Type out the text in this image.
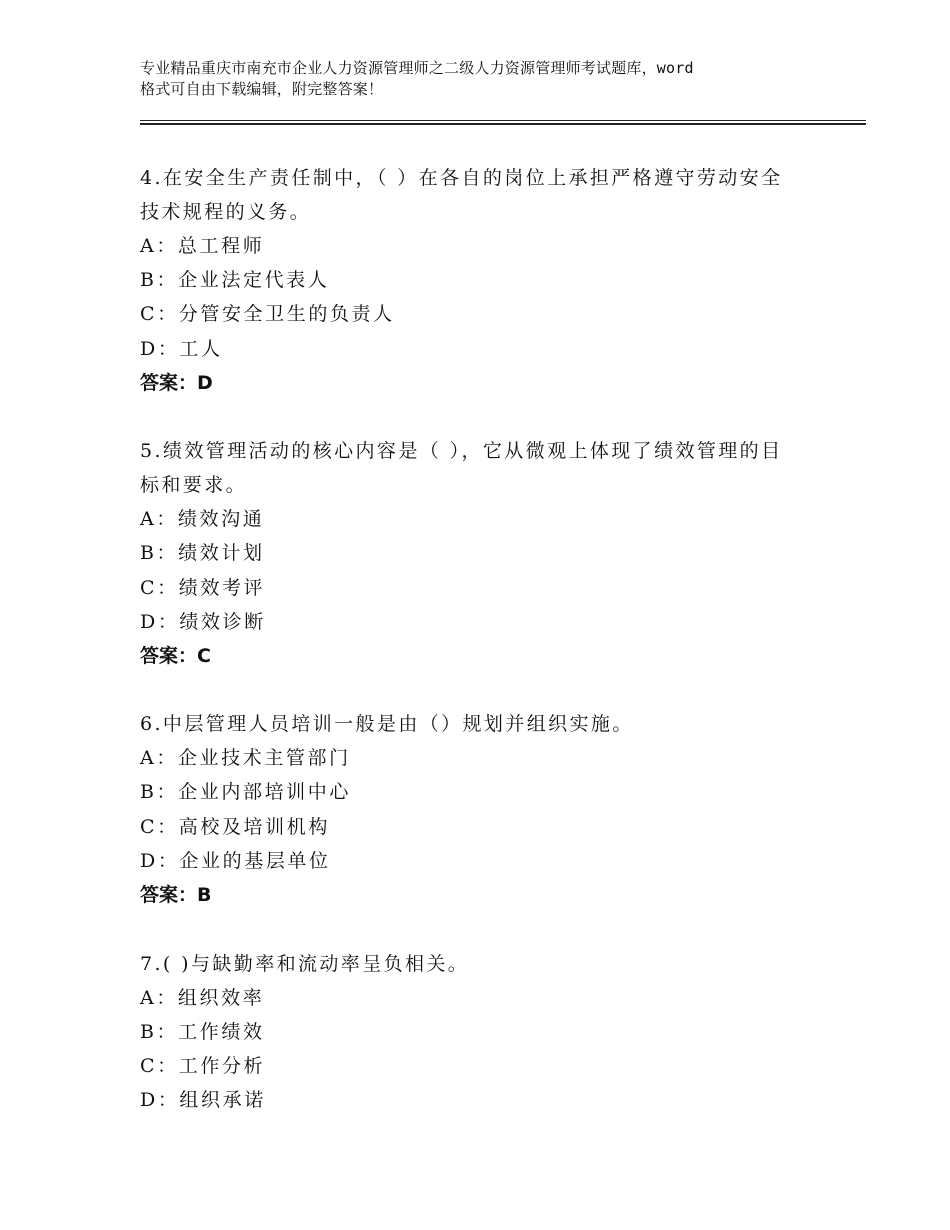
专业精品重庆市南充市企业人力资源管理师之二级人力资源管理师考试题库，word
格式可自由下载编辑，附完整答案！
4.在安全生产责任制中，（ ）在各自的岗位上承担严格遵守劳动安全
技术规程的义务。
A：总工程师
B：企业法定代表人
C：分管安全卫生的负责人
D：工人
答案：D
5.绩效管理活动的核心内容是（ ），它从微观上体现了绩效管理的目
标和要求。
A：绩效沟通
B：绩效计划
C：绩效考评
D：绩效诊断
答案：C
6.中层管理人员培训一般是由（）规划并组织实施。
A：企业技术主管部门
B：企业内部培训中心
C：高校及培训机构
D：企业的基层单位
答案：B
7.( )与缺勤率和流动率呈负相关。
A：组织效率
B：工作绩效
C：工作分析
D：组织承诺
